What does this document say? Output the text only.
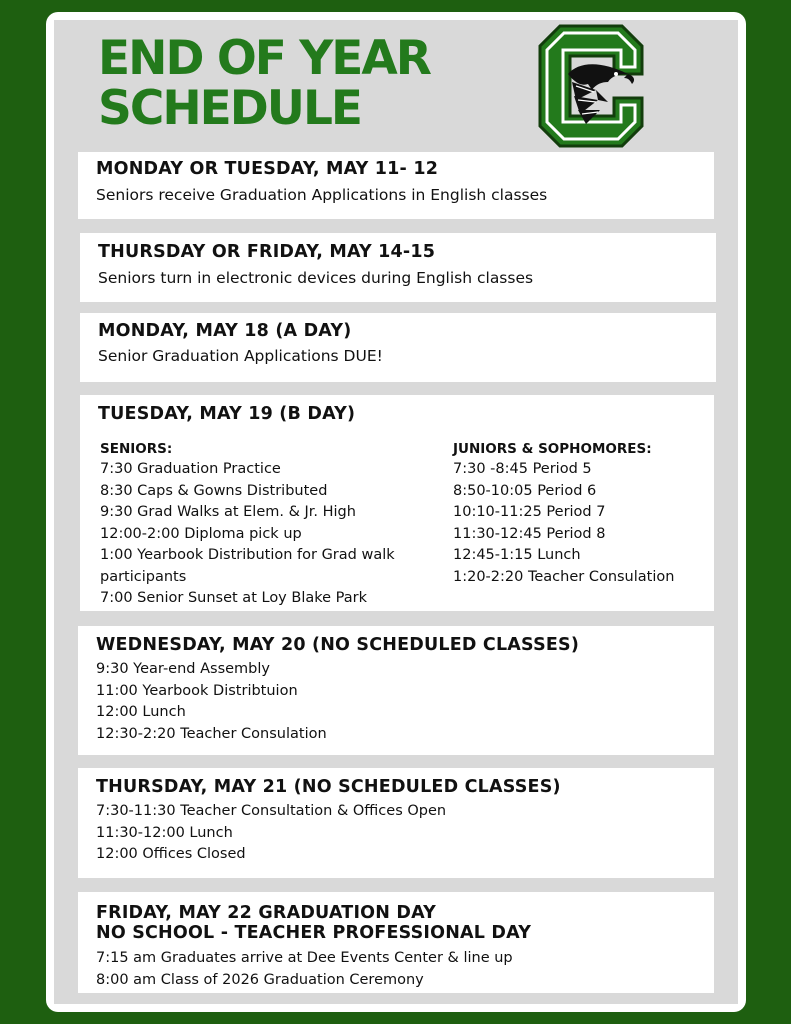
END OF YEAR
SCHEDULE
MONDAY OR TUESDAY, MAY 11- 12

Seniors receive Graduation Applications in English classes

THURSDAY OR FRIDAY, MAY 14-15

Seniors turn in electronic devices during English classes

MONDAY, MAY 18 (A DAY)

Senior Graduation Applications DUE!

TUESDAY, MAY 19 (B DAY)
SENIORS:
7:30 Graduation Practice
8:30 Caps & Gowns Distributed
9:30 Grad Walks at Elem. & Jr. High
12:00-2:00 Diploma pick up
1:00 Yearbook Distribution for Grad walk
participants
7:00 Senior Sunset at Loy Blake Park
JUNIORS & SOPHOMORES:
7:30 -8:45 Period 5
8:50-10:05 Period 6
10:10-11:25 Period 7
11:30-12:45 Period 8
12:45-1:15 Lunch
1:20-2:20 Teacher Consulation
WEDNESDAY, MAY 20 (NO SCHEDULED CLASSES)
9:30 Year-end Assembly
11:00 Yearbook Distribtuion
12:00 Lunch
12:30-2:20 Teacher Consulation
THURSDAY, MAY 21 (NO SCHEDULED CLASSES)
7:30-11:30 Teacher Consultation & Offices Open
11:30-12:00 Lunch
12:00 Offices Closed
FRIDAY, MAY 22 GRADUATION DAY
NO SCHOOL - TEACHER PROFESSIONAL DAY
7:15 am Graduates arrive at Dee Events Center & line up
8:00 am Class of 2026 Graduation Ceremony
